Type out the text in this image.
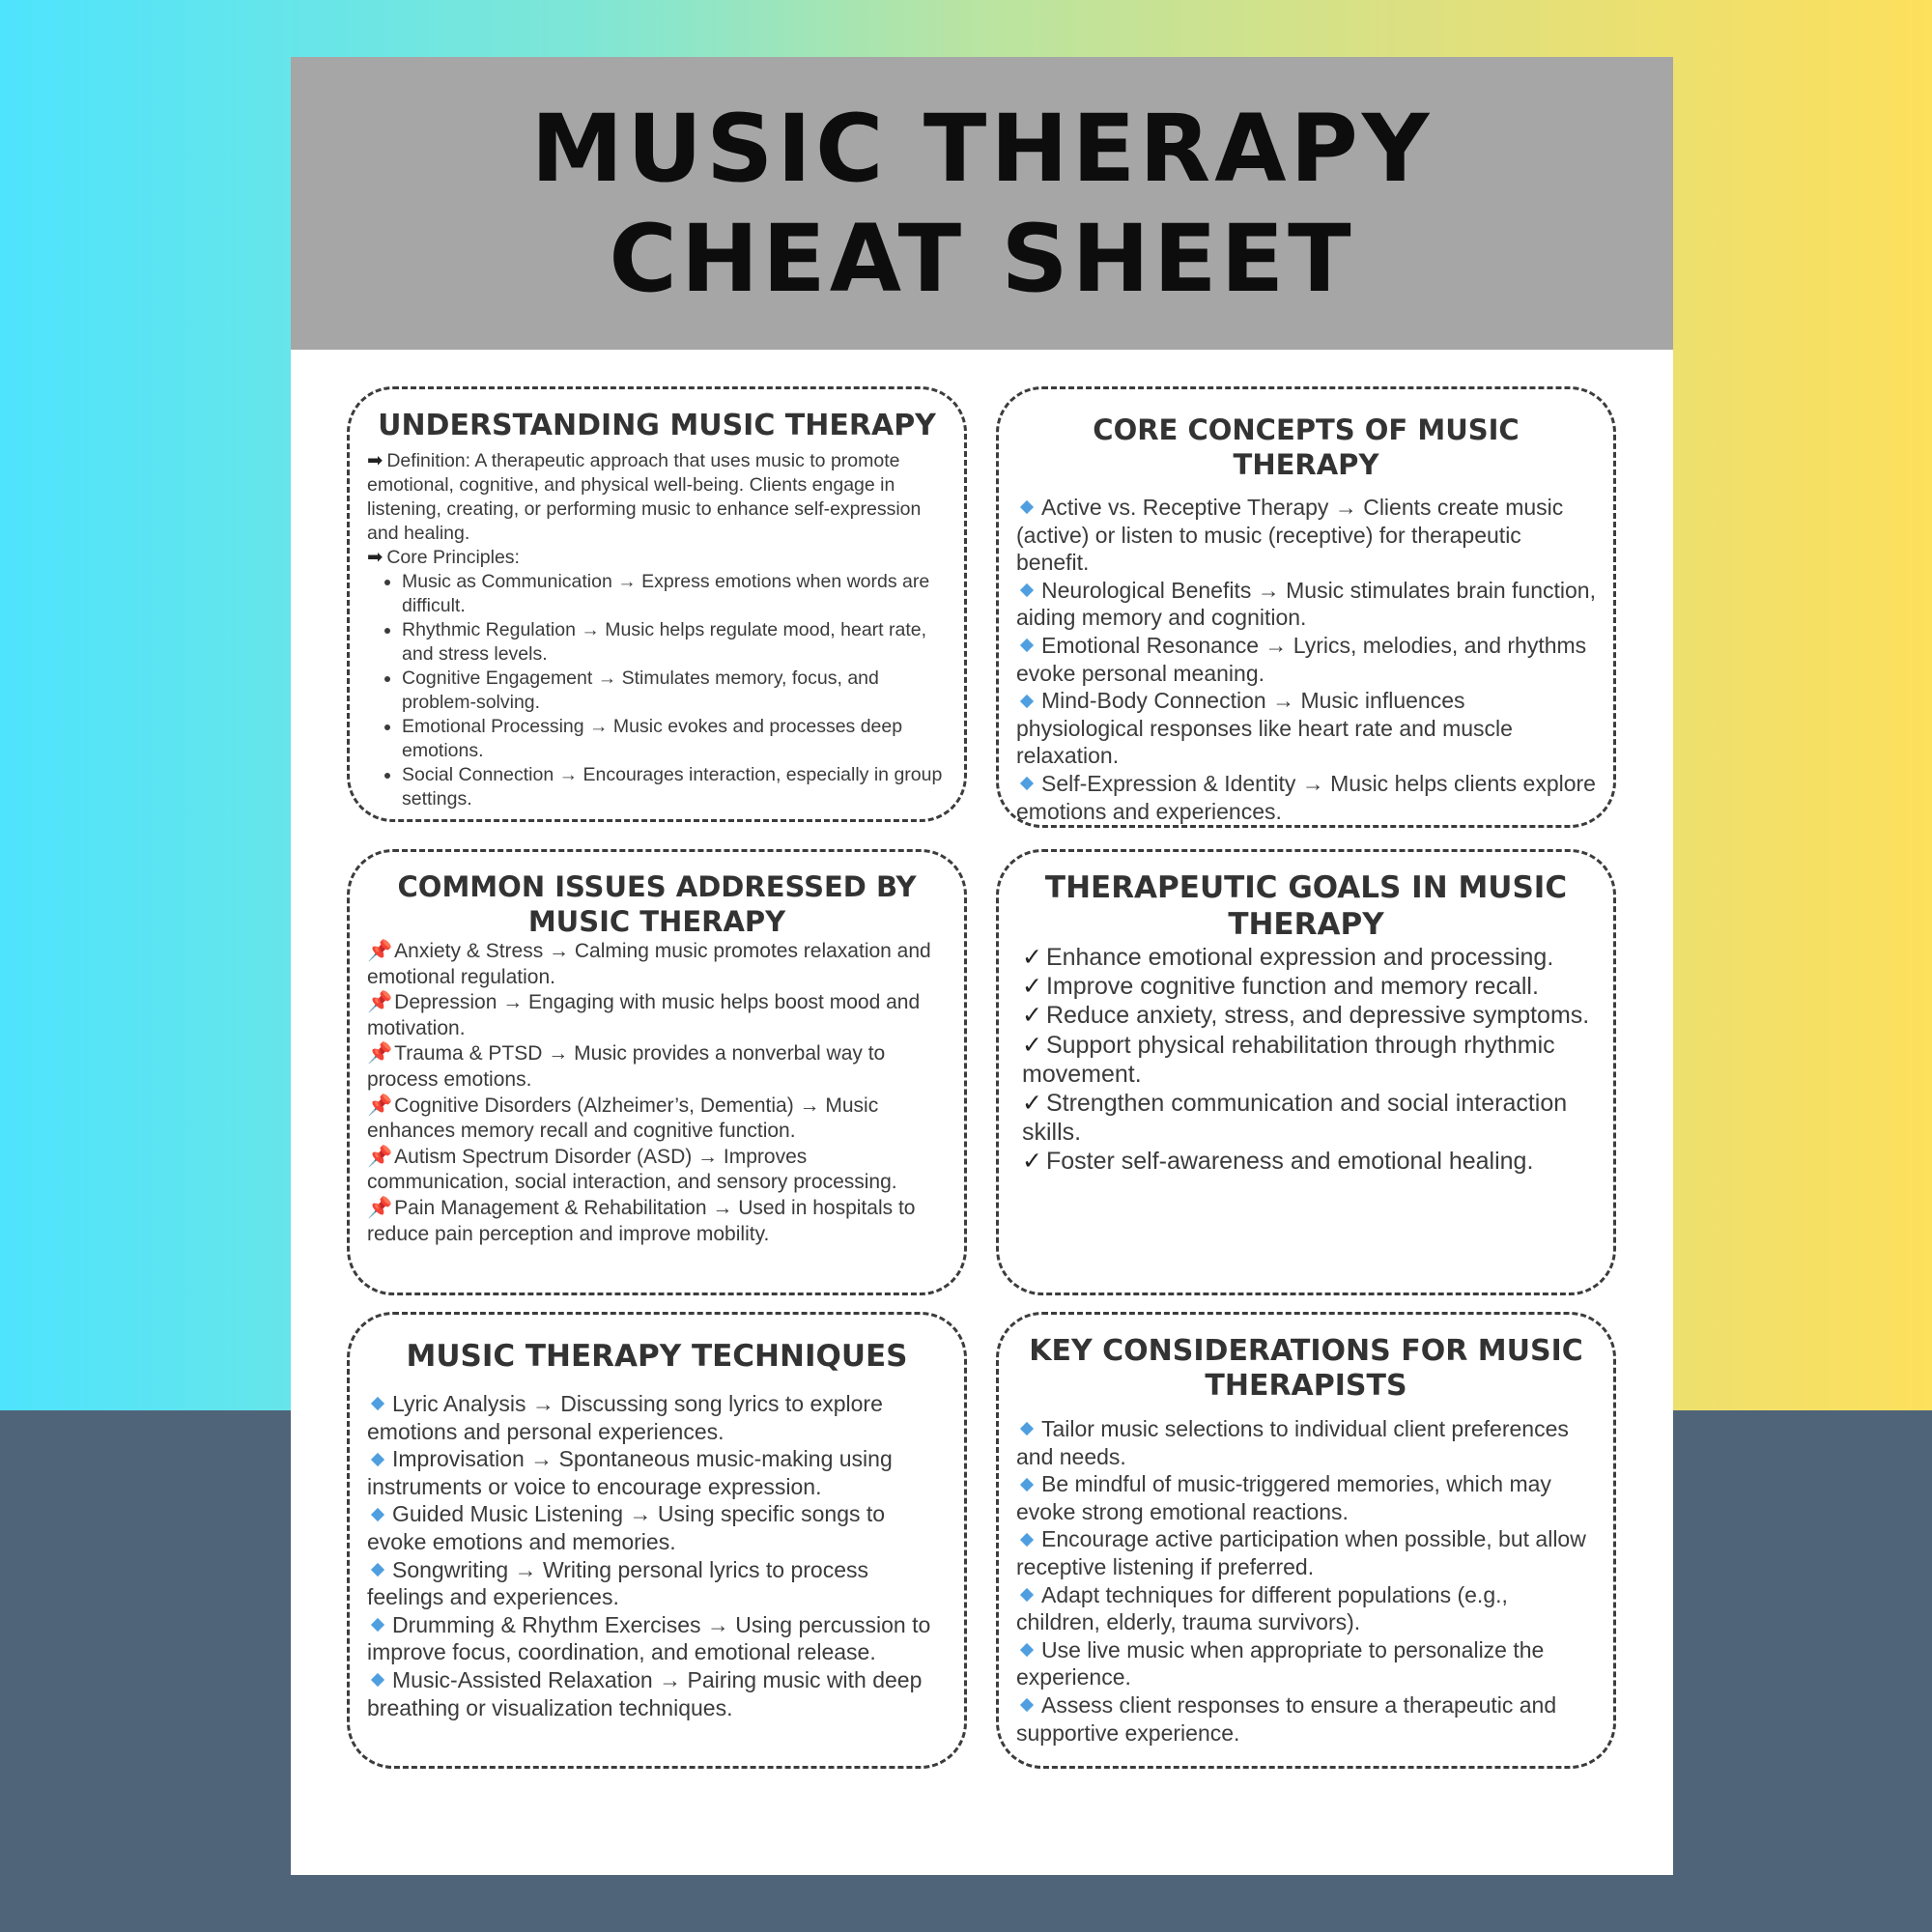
MUSIC THERAPY
CHEAT SHEET
UNDERSTANDING MUSIC THERAPY
➡ Definition: A therapeutic approach that uses music to promote emotional, cognitive, and physical well-being. Clients engage in listening, creating, or performing music to enhance self-expression and healing.
➡ Core Principles:
• Music as Communication → Express emotions when words are difficult.
• Rhythmic Regulation → Music helps regulate mood, heart rate, and stress levels.
• Cognitive Engagement → Stimulates memory, focus, and problem-solving.
• Emotional Processing → Music evokes and processes deep emotions.
• Social Connection → Encourages interaction, especially in group settings.
CORE CONCEPTS OF MUSIC THERAPY

Active vs. Receptive Therapy → Clients create music (active) or listen to music (receptive) for therapeutic benefit.

Neurological Benefits → Music stimulates brain function, aiding memory and cognition.

Emotional Resonance → Lyrics, melodies, and rhythms evoke personal meaning.

Mind-Body Connection → Music influences physiological responses like heart rate and muscle relaxation.

Self-Expression & Identity → Music helps clients explore emotions and experiences.

COMMON ISSUES ADDRESSED BY MUSIC THERAPY

📌Anxiety & Stress → Calming music promotes relaxation and emotional regulation.

📌Depression → Engaging with music helps boost mood and motivation.

📌Trauma & PTSD → Music provides a nonverbal way to process emotions.

📌Cognitive Disorders (Alzheimer’s, Dementia) → Music enhances memory recall and cognitive function.

📌Autism Spectrum Disorder (ASD) → Improves communication, social interaction, and sensory processing.

📌Pain Management & Rehabilitation → Used in hospitals to reduce pain perception and improve mobility.

THERAPEUTIC GOALS IN MUSIC THERAPY

✓ Enhance emotional expression and processing.

✓ Improve cognitive function and memory recall.

✓ Reduce anxiety, stress, and depressive symptoms.

✓ Support physical rehabilitation through rhythmic movement.

✓ Strengthen communication and social interaction skills.

✓ Foster self-awareness and emotional healing.

MUSIC THERAPY TECHNIQUES

Lyric Analysis → Discussing song lyrics to explore emotions and personal experiences.

Improvisation → Spontaneous music-making using instruments or voice to encourage expression.

Guided Music Listening → Using specific songs to evoke emotions and memories.

Songwriting → Writing personal lyrics to process feelings and experiences.

Drumming & Rhythm Exercises → Using percussion to improve focus, coordination, and emotional release.

Music-Assisted Relaxation → Pairing music with deep breathing or visualization techniques.

KEY CONSIDERATIONS FOR MUSIC THERAPISTS

Tailor music selections to individual client preferences and needs.

Be mindful of music-triggered memories, which may evoke strong emotional reactions.

Encourage active participation when possible, but allow receptive listening if preferred.

Adapt techniques for different populations (e.g., children, elderly, trauma survivors).

Use live music when appropriate to personalize the experience.

Assess client responses to ensure a therapeutic and supportive experience.
